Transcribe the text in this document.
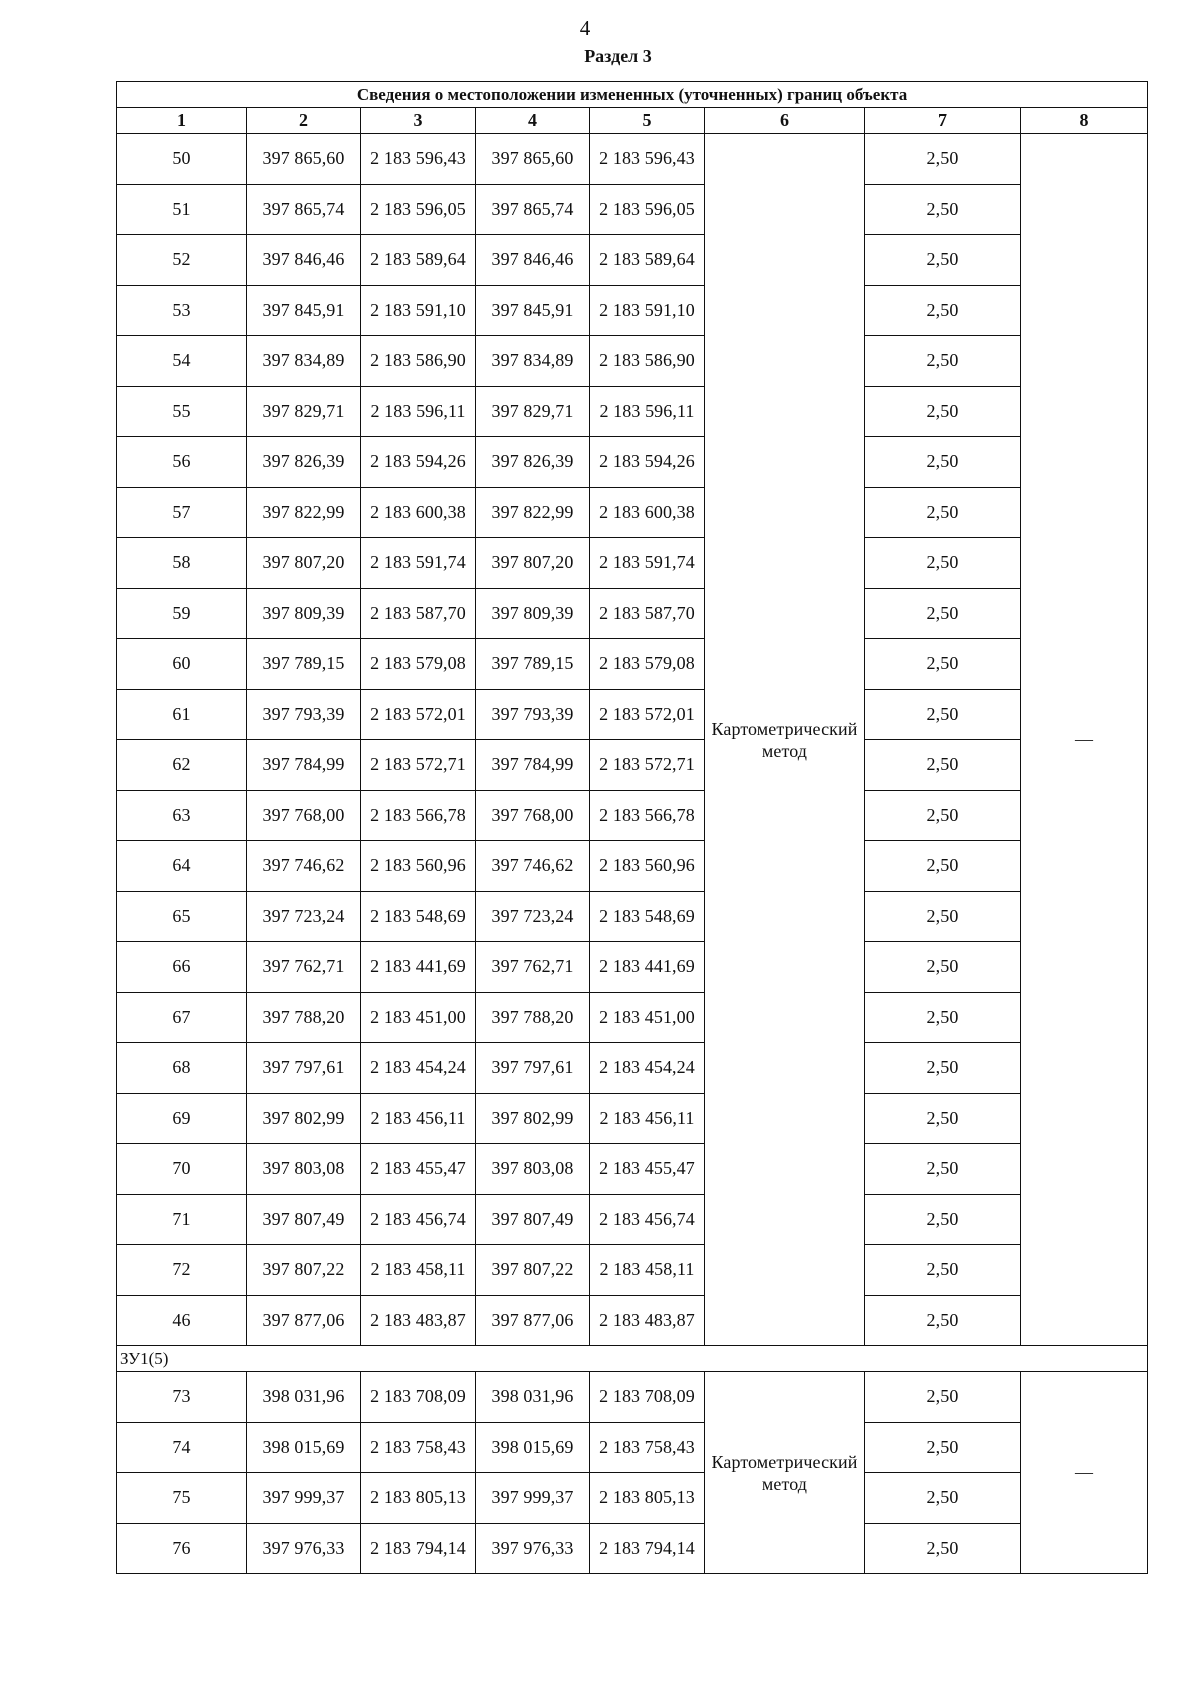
4
Раздел 3
Сведения о местоположении измененных (уточненных) границ объекта							
1	2	3	4	5	6	7	8
50	397 865,60	2 183 596,43	397 865,60	2 183 596,43	Картометрический метод	2,50	—
51	397 865,74	2 183 596,05	397 865,74	2 183 596,05		2,50	
52	397 846,46	2 183 589,64	397 846,46	2 183 589,64		2,50	
53	397 845,91	2 183 591,10	397 845,91	2 183 591,10		2,50	
54	397 834,89	2 183 586,90	397 834,89	2 183 586,90		2,50	
55	397 829,71	2 183 596,11	397 829,71	2 183 596,11		2,50	
56	397 826,39	2 183 594,26	397 826,39	2 183 594,26		2,50	
57	397 822,99	2 183 600,38	397 822,99	2 183 600,38		2,50	
58	397 807,20	2 183 591,74	397 807,20	2 183 591,74		2,50	
59	397 809,39	2 183 587,70	397 809,39	2 183 587,70		2,50	
60	397 789,15	2 183 579,08	397 789,15	2 183 579,08		2,50	
61	397 793,39	2 183 572,01	397 793,39	2 183 572,01		2,50	
62	397 784,99	2 183 572,71	397 784,99	2 183 572,71		2,50	
63	397 768,00	2 183 566,78	397 768,00	2 183 566,78		2,50	
64	397 746,62	2 183 560,96	397 746,62	2 183 560,96		2,50	
65	397 723,24	2 183 548,69	397 723,24	2 183 548,69		2,50	
66	397 762,71	2 183 441,69	397 762,71	2 183 441,69		2,50	
67	397 788,20	2 183 451,00	397 788,20	2 183 451,00		2,50	
68	397 797,61	2 183 454,24	397 797,61	2 183 454,24		2,50	
69	397 802,99	2 183 456,11	397 802,99	2 183 456,11		2,50	
70	397 803,08	2 183 455,47	397 803,08	2 183 455,47		2,50	
71	397 807,49	2 183 456,74	397 807,49	2 183 456,74		2,50	
72	397 807,22	2 183 458,11	397 807,22	2 183 458,11		2,50	
46	397 877,06	2 183 483,87	397 877,06	2 183 483,87		2,50	
ЗУ1(5)							
73	398 031,96	2 183 708,09	398 031,96	2 183 708,09	Картометрический метод	2,50	—
74	398 015,69	2 183 758,43	398 015,69	2 183 758,43		2,50	
75	397 999,37	2 183 805,13	397 999,37	2 183 805,13		2,50	
76	397 976,33	2 183 794,14	397 976,33	2 183 794,14		2,50	
